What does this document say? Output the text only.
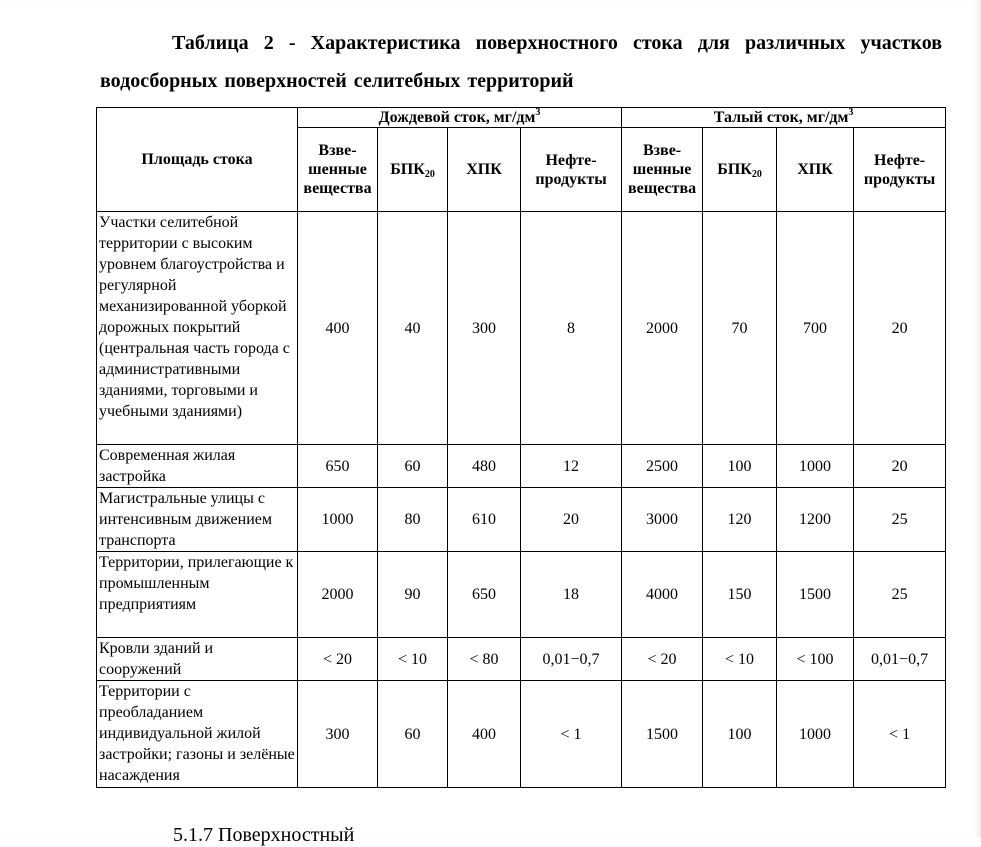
Таблица 2 - Характеристика поверхностного стока для различных участков водосборных поверхностей селитебных территорий

Площадь стока	Дождевой сток, $мг/дм^3$				Талый сток, $мг/дм^3$
	Взве-шенные вещества	$БПК_{20}$	ХПК	Нефте-продукты	Взве-шенные вещества	$БПК_{20}$	ХПК	Нефте-продукты
Участки селитебной территории с высоким уровнем благоустройства и регулярной механизированной уборкой дорожных покрытий (центральная часть города с административными зданиями, торговыми и учебными зданиями)	400	40	300	8	2000	70	700	20
Современная жилая застройка	650	60	480	12	2500	100	1000	20
Магистральные улицы с интенсивным движением транспорта	1000	80	610	20	3000	120	1200	25
Территории, прилегающие к промышленным предприятиям	2000	90	650	18	4000	150	1500	25
Кровли зданий и сооружений	< 20	< 10	< 80	0,01−0,7	< 20	< 10	< 100	0,01−0,7
Территории с преобладанием индивидуальной жилой застройки; газоны и зелёные насаждения	300	60	400	< 1	1500	100	1000	< 1
5.1.7 Поверхностный
